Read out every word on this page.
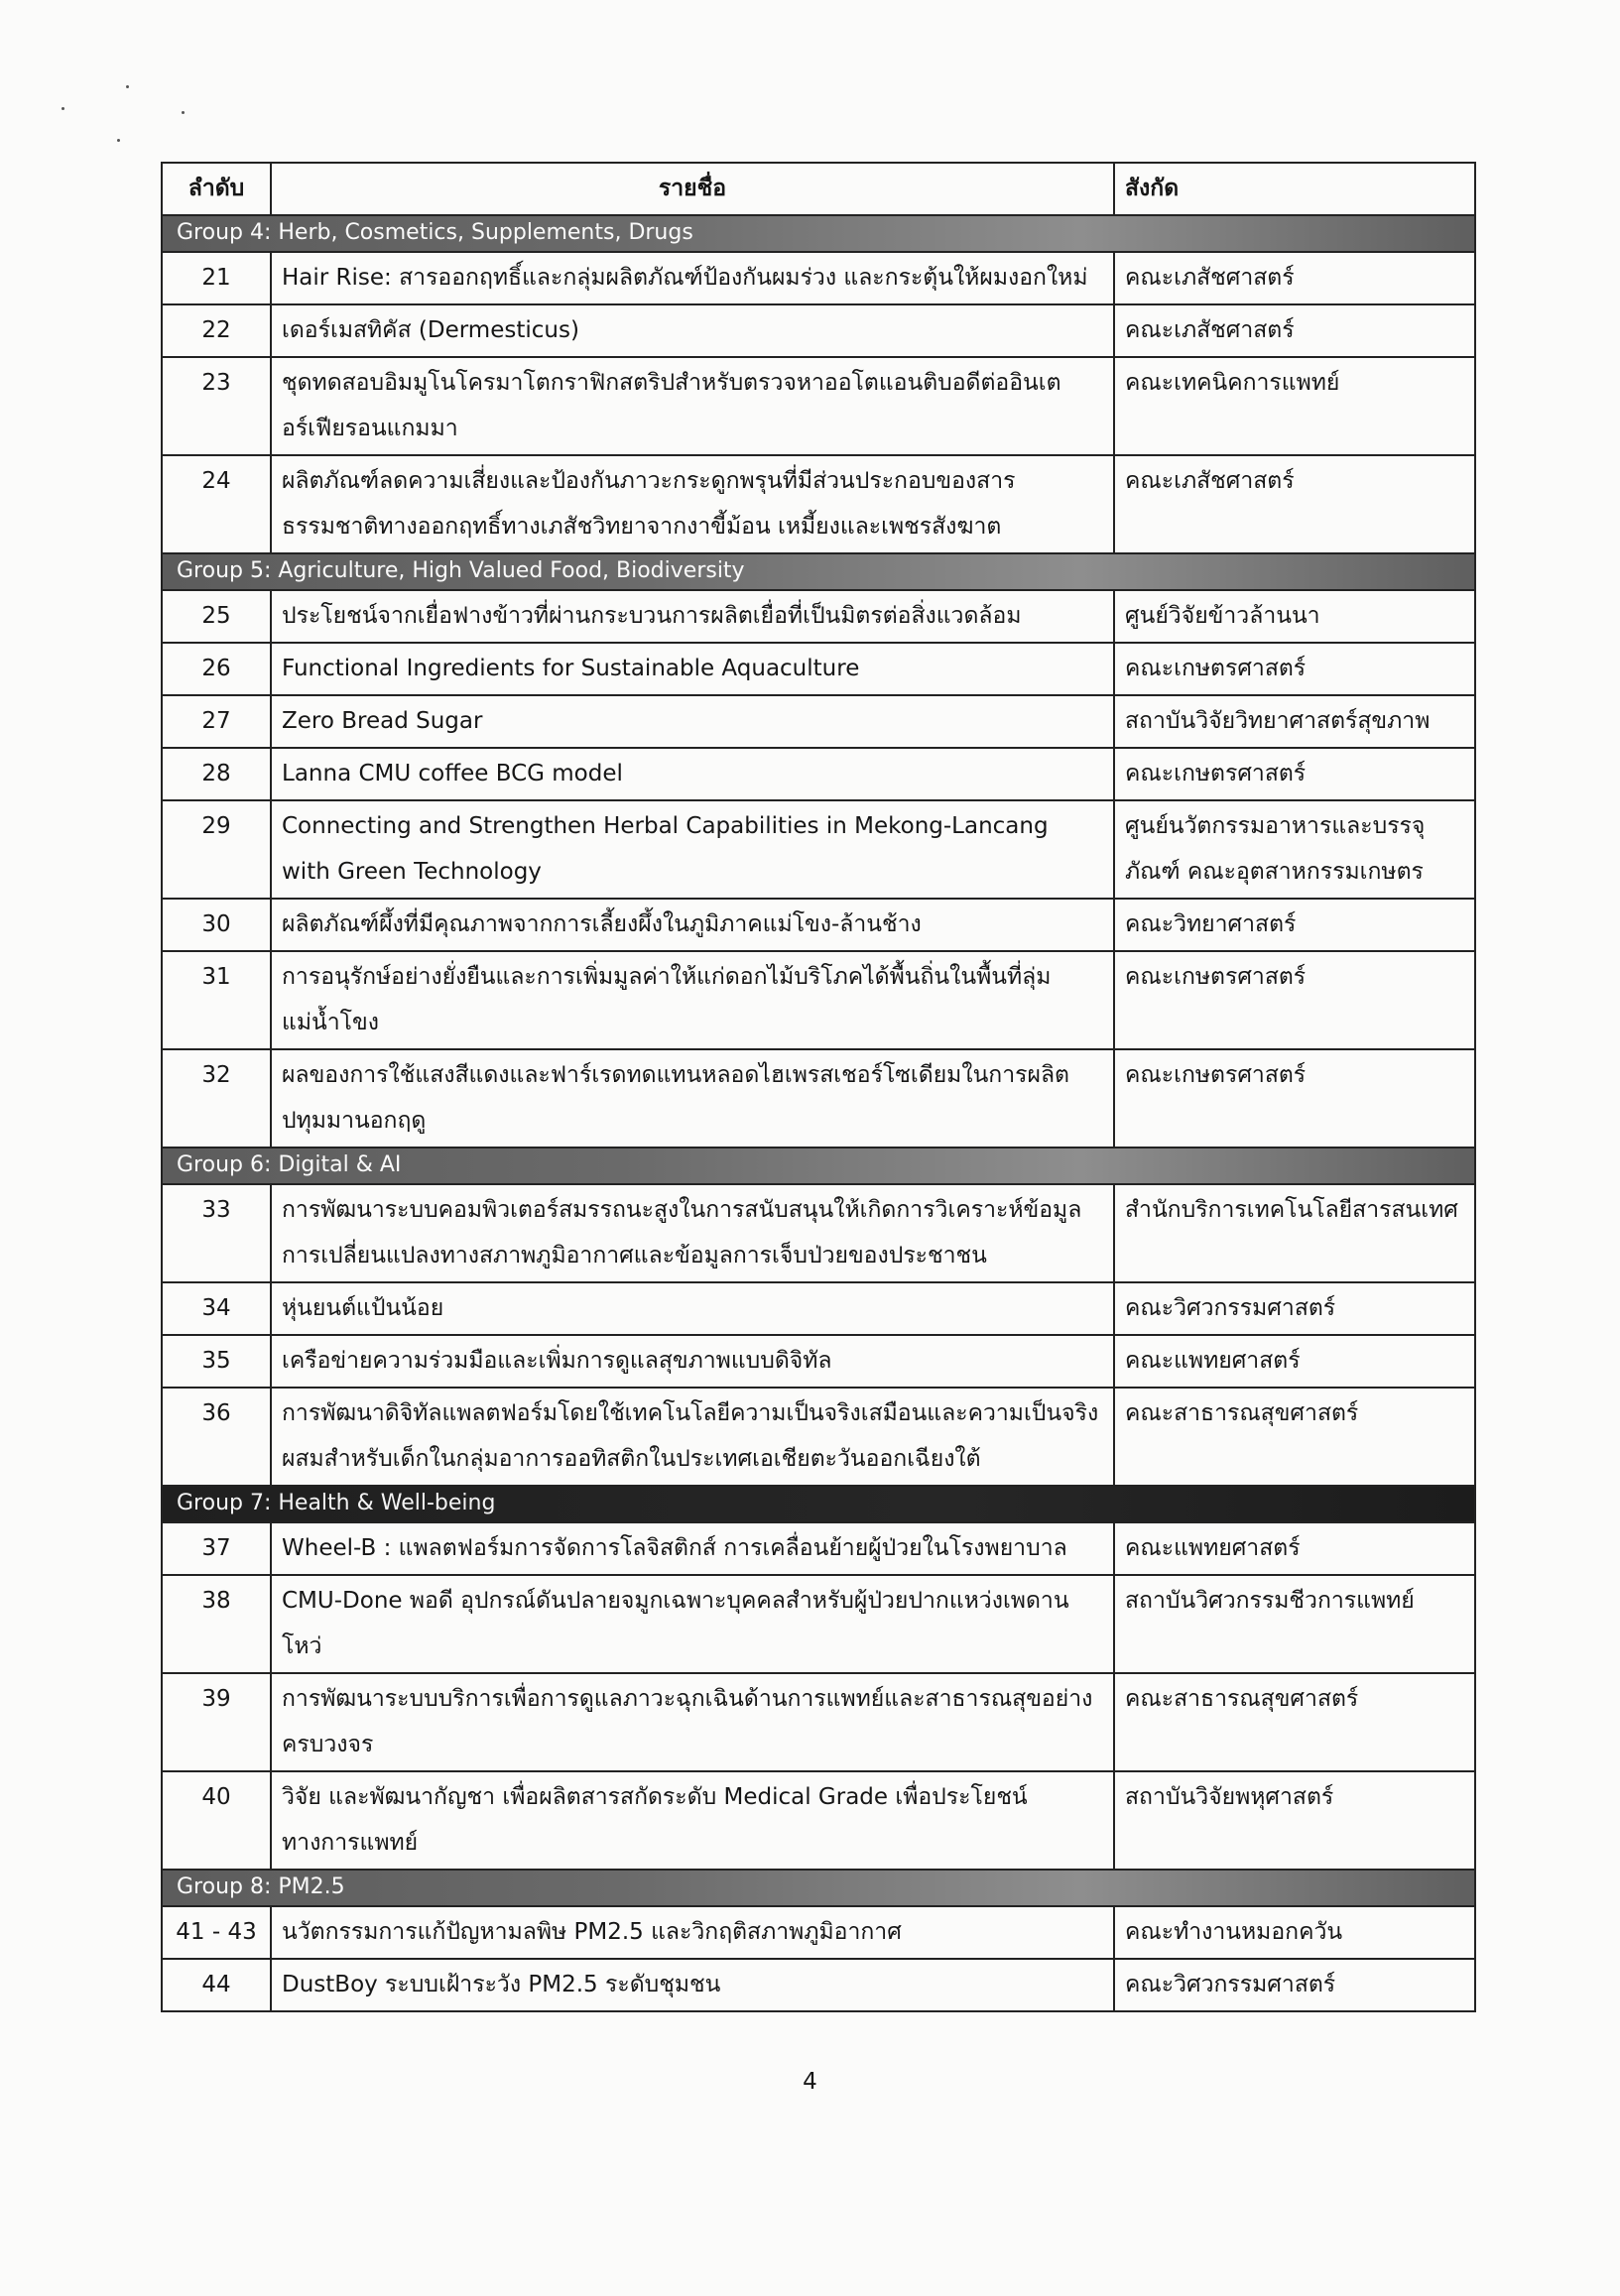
ลำดับ	รายชื่อ	สังกัด
Group 4: Herb, Cosmetics, Supplements, Drugs		
21	Hair Rise: สารออกฤทธิ์และกลุ่มผลิตภัณฑ์ป้องกันผมร่วง และกระตุ้นให้ผมงอกใหม่	คณะเภสัชศาสตร์
22	เดอร์เมสทิคัส (Dermesticus)	คณะเภสัชศาสตร์
23	ชุดทดสอบอิมมูโนโครมาโตกราฟิกสตริปสำหรับตรวจหาออโตแอนติบอดีต่ออินเตอร์เฟียรอนแกมมา	คณะเทคนิคการแพทย์
24	ผลิตภัณฑ์ลดความเสี่ยงและป้องกันภาวะกระดูกพรุนที่มีส่วนประกอบของสารธรรมชาติทางออกฤทธิ์ทางเภสัชวิทยาจากงาขี้ม้อน เหมี้ยงและเพชรสังฆาต	คณะเภสัชศาสตร์
Group 5: Agriculture, High Valued Food, Biodiversity		
25	ประโยชน์จากเยื่อฟางข้าวที่ผ่านกระบวนการผลิตเยื่อที่เป็นมิตรต่อสิ่งแวดล้อม	ศูนย์วิจัยข้าวล้านนา
26	Functional Ingredients for Sustainable Aquaculture	คณะเกษตรศาสตร์
27	Zero Bread Sugar	สถาบันวิจัยวิทยาศาสตร์สุขภาพ
28	Lanna CMU coffee BCG model	คณะเกษตรศาสตร์
29	Connecting and Strengthen Herbal Capabilities in Mekong-Lancang with Green Technology	ศูนย์นวัตกรรมอาหารและบรรจุภัณฑ์ คณะอุตสาหกรรมเกษตร
30	ผลิตภัณฑ์ผึ้งที่มีคุณภาพจากการเลี้ยงผึ้งในภูมิภาคแม่โขง-ล้านช้าง	คณะวิทยาศาสตร์
31	การอนุรักษ์อย่างยั่งยืนและการเพิ่มมูลค่าให้แก่ดอกไม้บริโภคได้พื้นถิ่นในพื้นที่ลุ่มแม่น้ำโขง	คณะเกษตรศาสตร์
32	ผลของการใช้แสงสีแดงและฟาร์เรดทดแทนหลอดไฮเพรสเชอร์โซเดียมในการผลิตปทุมมานอกฤดู	คณะเกษตรศาสตร์
Group 6: Digital & AI		
33	การพัฒนาระบบคอมพิวเตอร์สมรรถนะสูงในการสนับสนุนให้เกิดการวิเคราะห์ข้อมูลการเปลี่ยนแปลงทางสภาพภูมิอากาศและข้อมูลการเจ็บป่วยของประชาชน	สำนักบริการเทคโนโลยีสารสนเทศ
34	หุ่นยนต์แป้นน้อย	คณะวิศวกรรมศาสตร์
35	เครือข่ายความร่วมมือและเพิ่มการดูแลสุขภาพแบบดิจิทัล	คณะแพทยศาสตร์
36	การพัฒนาดิจิทัลแพลตฟอร์มโดยใช้เทคโนโลยีความเป็นจริงเสมือนและความเป็นจริงผสมสำหรับเด็กในกลุ่มอาการออทิสติกในประเทศเอเชียตะวันออกเฉียงใต้	คณะสาธารณสุขศาสตร์
Group 7: Health & Well-being		
37	Wheel-B : แพลตฟอร์มการจัดการโลจิสติกส์ การเคลื่อนย้ายผู้ป่วยในโรงพยาบาล	คณะแพทยศาสตร์
38	CMU-Done พอดี อุปกรณ์ดันปลายจมูกเฉพาะบุคคลสำหรับผู้ป่วยปากแหว่งเพดานโหว่	สถาบันวิศวกรรมชีวการแพทย์
39	การพัฒนาระบบบริการเพื่อการดูแลภาวะฉุกเฉินด้านการแพทย์และสาธารณสุขอย่างครบวงจร	คณะสาธารณสุขศาสตร์
40	วิจัย และพัฒนากัญชา เพื่อผลิตสารสกัดระดับ Medical Grade เพื่อประโยชน์ทางการแพทย์	สถาบันวิจัยพหุศาสตร์
Group 8: PM2.5		
41 - 43	นวัตกรรมการแก้ปัญหามลพิษ PM2.5 และวิกฤติสภาพภูมิอากาศ	คณะทำงานหมอกควัน
44	DustBoy ระบบเฝ้าระวัง PM2.5 ระดับชุมชน	คณะวิศวกรรมศาสตร์
4
